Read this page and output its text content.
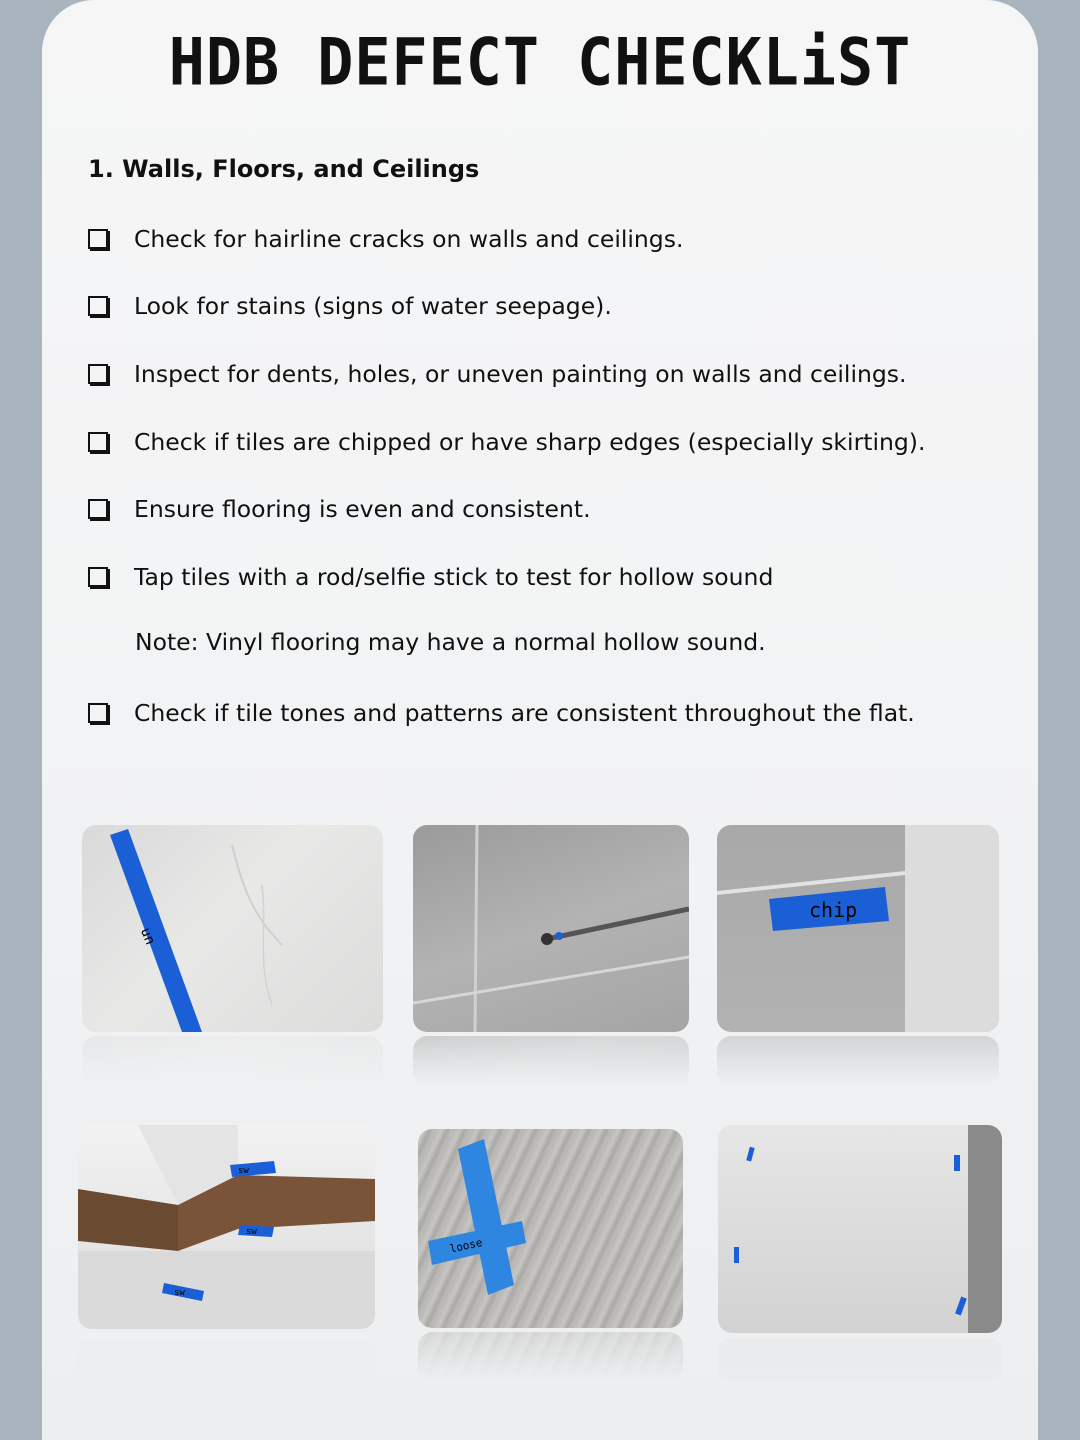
HDB DEFECT CHECKLiST
1. Walls, Floors, and Ceilings
Check for hairline cracks on walls and ceilings.
Look for stains (signs of water seepage).
Inspect for dents, holes, or uneven painting on walls and ceilings.
Check if tiles are chipped or have sharp edges (especially skirting).
Ensure flooring is even and consistent.
Tap tiles with a rod/selfie stick to test for hollow sound
Note: Vinyl flooring may have a normal hollow sound.
Check if tile tones and patterns are consistent throughout the flat.
un
chip
sw
sw
sw
loose
